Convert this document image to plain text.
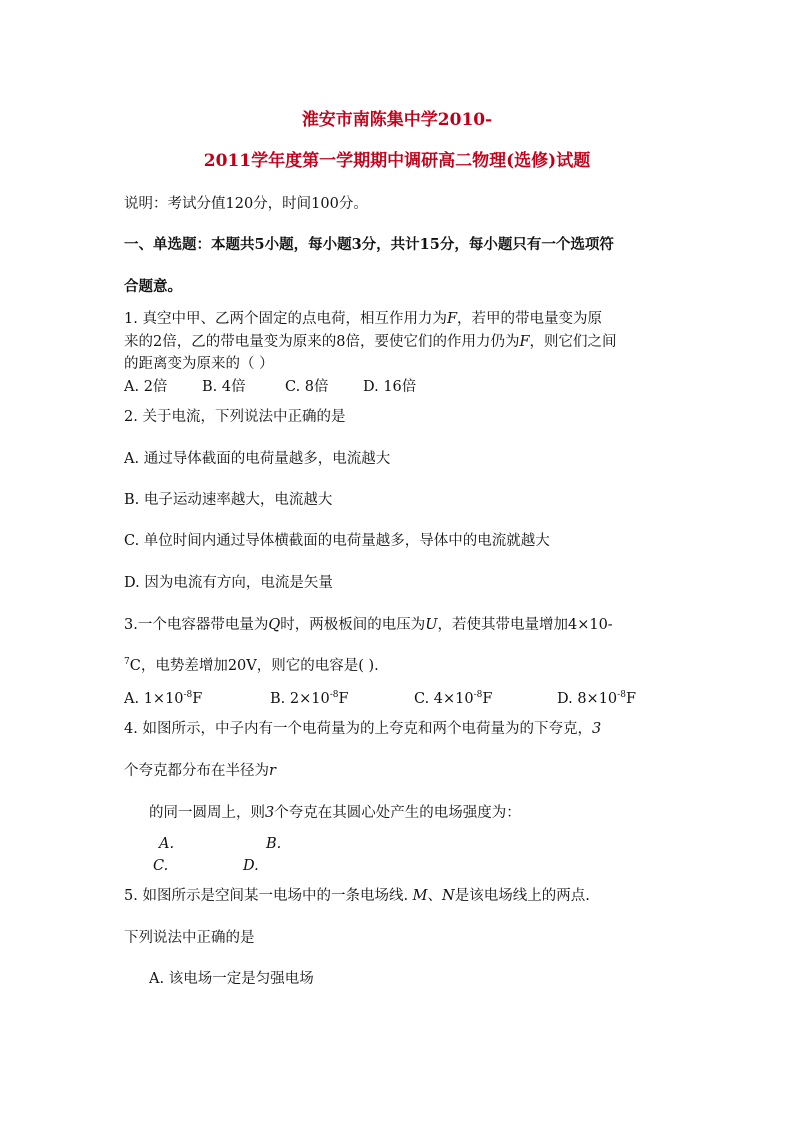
淮安市南陈集中学2010-
2011学年度第一学期期中调研高二物理(选修)试题
说明：考试分值120分，时间100分。
一、单选题：本题共5小题，每小题3分，共计15分，每小题只有一个选项符
合题意。
1. 真空中甲、乙两个固定的点电荷，相互作用力为F，若甲的带电量变为原
来的2倍，乙的带电量变为原来的8倍，要使它们的作用力仍为F，则它们之间
的距离变为原来的（ ）
A. 2倍 B. 4倍	C. 8倍 D. 16倍
2. 关于电流，下列说法中正确的是
A. 通过导体截面的电荷量越多，电流越大
B. 电子运动速率越大，电流越大
C. 单位时间内通过导体横截面的电荷量越多，导体中的电流就越大
D. 因为电流有方向，电流是矢量
3.一个电容器带电量为Q时，两极板间的电压为U，若使其带电量增加4×10-
$^7$C，电势差增加20V，则它的电容是( ).
A. $1\times 10^{-8}F$	B. $2\times 10^{-8}F$	C. $4\times 10^{-8}F$	D. $8\times 10^{-8}F$
4. 如图所示，中子内有一个电荷量为的上夸克和两个电荷量为的下夸克，3
个夸克都分布在半径为r
的同一圆周上，则3个夸克在其圆心处产生的电场强度为：
A.	B.
C.	D.
5. 如图所示是空间某一电场中的一条电场线. M、N是该电场线上的两点.
下列说法中正确的是
A. 该电场一定是匀强电场
